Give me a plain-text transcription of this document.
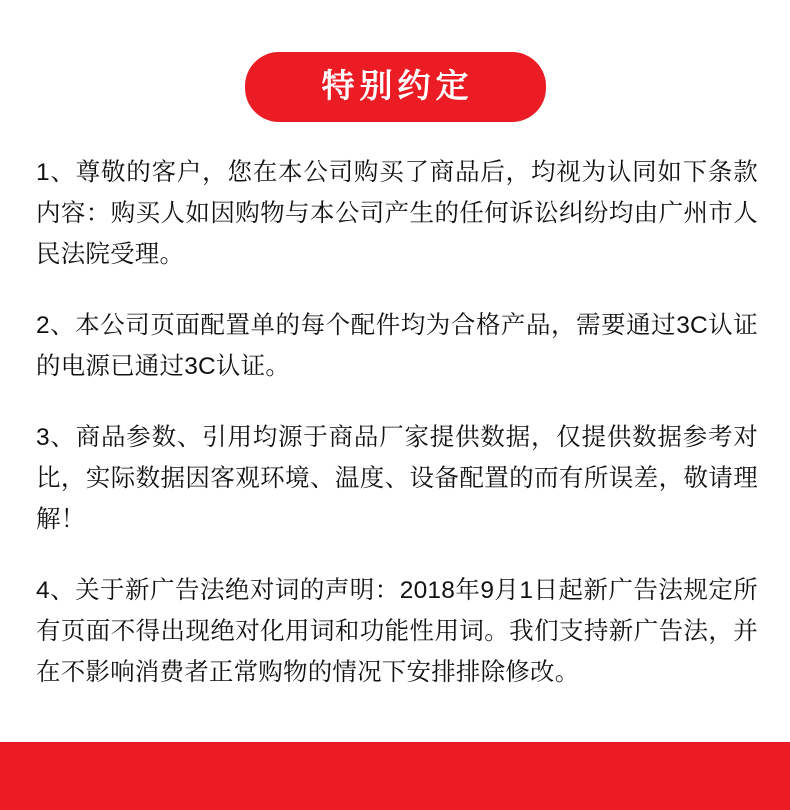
特别约定

1、尊敬的客户，您在本公司购买了商品后，均视为认同如下条款内容：购买人如因购物与本公司产生的任何诉讼纠纷均由广州市人民法院受理。

2、本公司页面配置单的每个配件均为合格产品，需要通过3C认证的电源已通过3C认证。

3、商品参数、引用均源于商品厂家提供数据，仅提供数据参考对比，实际数据因客观环境、温度、设备配置的而有所误差，敬请理解！

4、关于新广告法绝对词的声明：2018年9月1日起新广告法规定所有页面不得出现绝对化用词和功能性用词。我们支持新广告法，并在不影响消费者正常购物的情况下安排排除修改。
